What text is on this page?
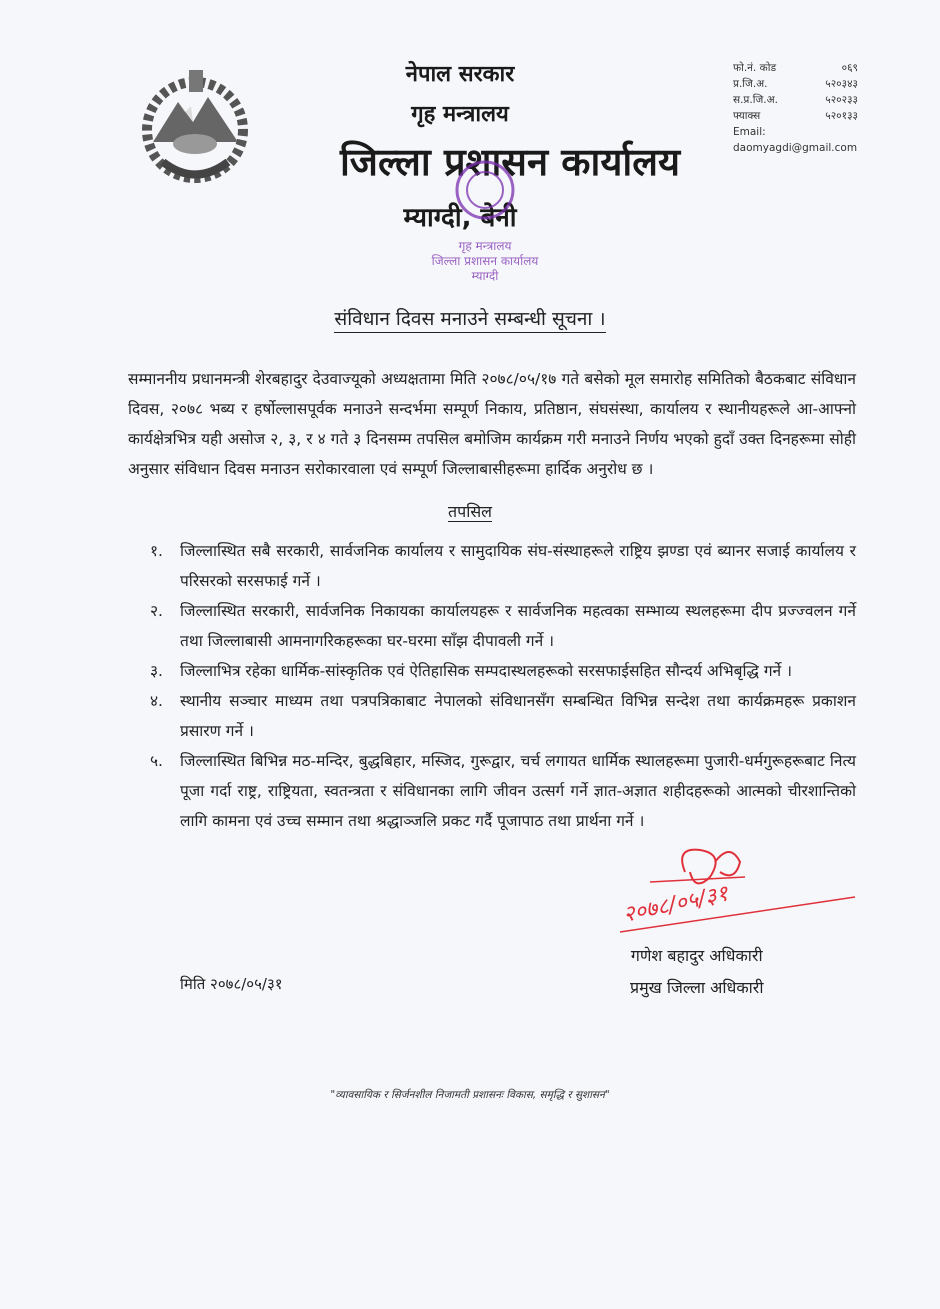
नेपाल सरकार
गृह मन्त्रालय
जिल्ला प्रशासन कार्यालय
म्याग्दी, बेनी
फो.नं. कोड	०६९
प्र.जि.अ.	५२०३४३
स.प्र.जि.अ.	५२०२३३
फ्याक्स	५२०१३३
Email:
daomyagdi@gmail.com
गृह मन्त्रालय
जिल्ला प्रशासन कार्यालय
म्याग्दी
संविधान दिवस मनाउने सम्बन्धी सूचना ।
सम्माननीय प्रधानमन्त्री शेरबहादुर देउवाज्यूको अध्यक्षतामा मिति २०७८/०५/१७ गते बसेको मूल समारोह समितिको बैठकबाट संविधान दिवस, २०७८ भब्य र हर्षोल्लासपूर्वक मनाउने सन्दर्भमा सम्पूर्ण निकाय, प्रतिष्ठान, संघसंस्था, कार्यालय र स्थानीयहरूले आ-आफ्नो कार्यक्षेत्रभित्र यही असोज २, ३, र ४ गते ३ दिनसम्म तपसिल बमोजिम कार्यक्रम गरी मनाउने निर्णय भएको हुदाँ उक्त दिनहरूमा सोही अनुसार संविधान दिवस मनाउन सरोकारवाला एवं सम्पूर्ण जिल्लाबासीहरूमा हार्दिक अनुरोध छ ।
तपसिल
१.	जिल्लास्थित सबै सरकारी, सार्वजनिक कार्यालय र सामुदायिक संघ-संस्थाहरूले राष्ट्रिय झण्डा एवं ब्यानर सजाई कार्यालय र परिसरको सरसफाई गर्ने ।
२.	जिल्लास्थित सरकारी, सार्वजनिक निकायका कार्यालयहरू र सार्वजनिक महत्वका सम्भाव्य स्थलहरूमा दीप प्रज्ज्वलन गर्ने तथा जिल्लाबासी आमनागरिकहरूका घर-घरमा साँझ दीपावली गर्ने ।
३.	जिल्लाभित्र रहेका धार्मिक-सांस्कृतिक एवं ऐतिहासिक सम्पदास्थलहरूको सरसफाईसहित सौन्दर्य अभिबृद्धि गर्ने ।
४.	स्थानीय सञ्चार माध्यम तथा पत्रपत्रिकाबाट नेपालको संविधानसँग सम्बन्धित विभिन्न सन्देश तथा कार्यक्रमहरू प्रकाशन प्रसारण गर्ने ।
५.	जिल्लास्थित बिभिन्न मठ-मन्दिर, बुद्धबिहार, मस्जिद, गुरूद्वार, चर्च लगायत धार्मिक स्थालहरूमा पुजारी-धर्मगुरूहरूबाट नित्य पूजा गर्दा राष्ट्र, राष्ट्रियता, स्वतन्त्रता र संविधानका लागि जीवन उत्सर्ग गर्ने ज्ञात-अज्ञात शहीदहरूको आत्मको चीरशान्तिको लागि कामना एवं उच्च सम्मान तथा श्रद्धाञ्जलि प्रकट गर्दै पूजापाठ तथा प्रार्थना गर्ने ।
२०७८/०५/३१
गणेश बहादुर अधिकारी
प्रमुख जिल्ला अधिकारी
मिति २०७८/०५/३१
"व्यावसायिक र सिर्जनशील निजामती प्रशासनः विकास, समृद्धि र सुशासन"
